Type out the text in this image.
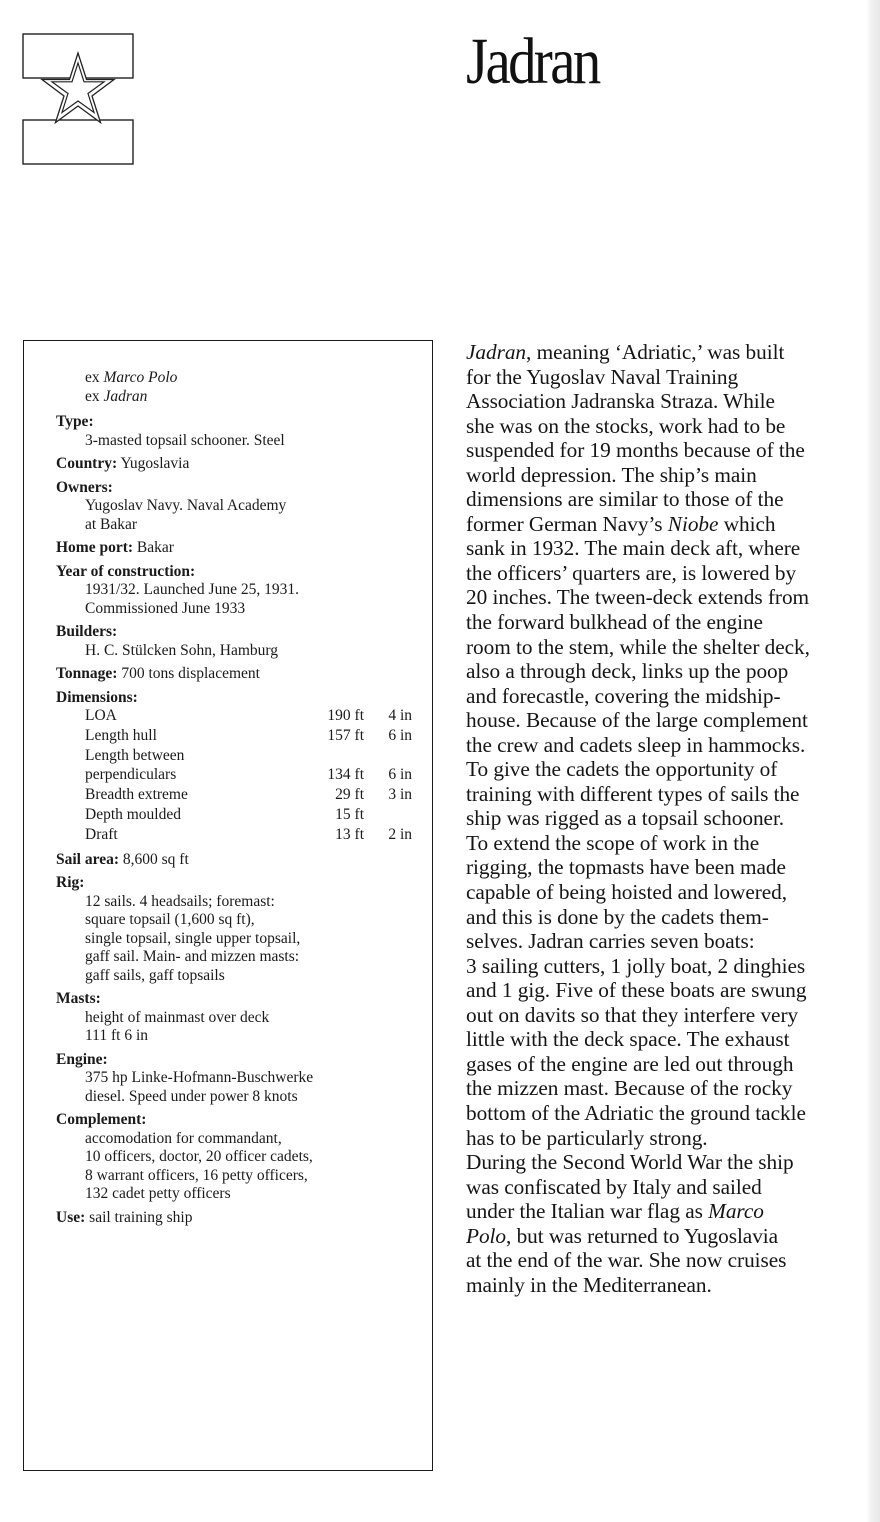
Jadran
ex Marco Polo
ex Jadran
Type:
3-masted topsail schooner. Steel
Country: Yugoslavia
Owners:
Yugoslav Navy. Naval Academy
at Bakar
Home port: Bakar
Year of construction:
1931/32. Launched June 25, 1931.
Commissioned June 1933
Builders:
H. C. Stülcken Sohn, Hamburg
Tonnage: 700 tons displacement
Dimensions:
LOA	190 ft	4 in
Length hull	157 ft	6 in
Length between
perpendiculars	134 ft	6 in
Breadth extreme	29 ft	3 in
Depth moulded	15 ft
Draft	13 ft	2 in
Sail area: 8,600 sq ft
Rig:
12 sails. 4 headsails; foremast:
square topsail (1,600 sq ft),
single topsail, single upper topsail,
gaff sail. Main- and mizzen masts:
gaff sails, gaff topsails
Masts:
height of mainmast over deck
111 ft 6 in
Engine:
375 hp Linke-Hofmann-Buschwerke
diesel. Speed under power 8 knots
Complement:
accomodation for commandant,
10 officers, doctor, 20 officer cadets,
8 warrant officers, 16 petty officers,
132 cadet petty officers
Use: sail training ship
Jadran, meaning ‘Adriatic,’ was built
for the Yugoslav Naval Training
Association Jadranska Straza. While
she was on the stocks, work had to be
suspended for 19 months because of the
world depression. The ship’s main
dimensions are similar to those of the
former German Navy’s Niobe which
sank in 1932. The main deck aft, where
the officers’ quarters are, is lowered by
20 inches. The tween-deck extends from
the forward bulkhead of the engine
room to the stem, while the shelter deck,
also a through deck, links up the poop
and forecastle, covering the midship-
house. Because of the large complement
the crew and cadets sleep in hammocks.
To give the cadets the opportunity of
training with different types of sails the
ship was rigged as a topsail schooner.
To extend the scope of work in the
rigging, the topmasts have been made
capable of being hoisted and lowered,
and this is done by the cadets them-
selves. Jadran carries seven boats:
3 sailing cutters, 1 jolly boat, 2 dinghies
and 1 gig. Five of these boats are swung
out on davits so that they interfere very
little with the deck space. The exhaust
gases of the engine are led out through
the mizzen mast. Because of the rocky
bottom of the Adriatic the ground tackle
has to be particularly strong.
During the Second World War the ship
was confiscated by Italy and sailed
under the Italian war flag as Marco
Polo, but was returned to Yugoslavia
at the end of the war. She now cruises
mainly in the Mediterranean.
